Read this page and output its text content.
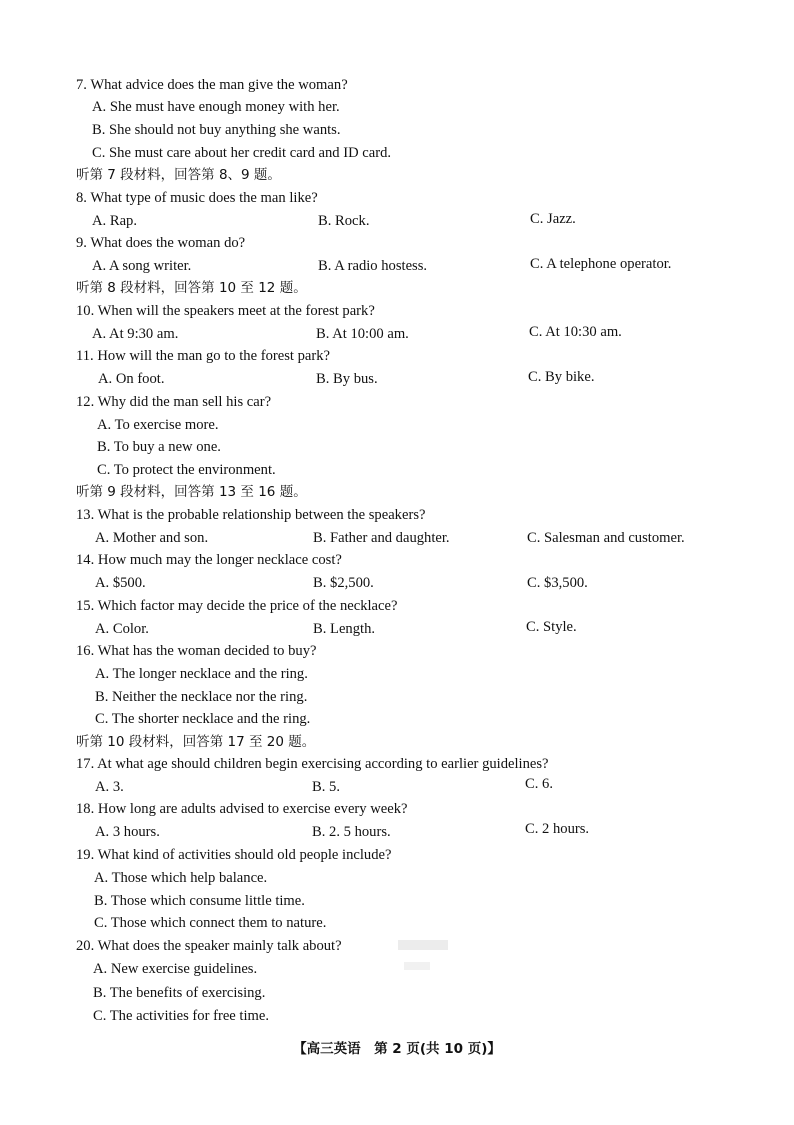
7. What advice does the man give the woman?
A. She must have enough money with her.
B. She should not buy anything she wants.
C. She must care about her credit card and ID card.
听第 7 段材料，回答第 8、9 题。
8. What type of music does the man like?
A. Rap.	B. Rock.	C. Jazz.
9. What does the woman do?
A. A song writer.	B. A radio hostess.	C. A telephone operator.
听第 8 段材料，回答第 10 至 12 题。
10. When will the speakers meet at the forest park?
A. At 9:30 am.	B. At 10:00 am.	C. At 10:30 am.
11. How will the man go to the forest park?
A. On foot.	B. By bus.	C. By bike.
12. Why did the man sell his car?
A. To exercise more.
B. To buy a new one.
C. To protect the environment.
听第 9 段材料，回答第 13 至 16 题。
13. What is the probable relationship between the speakers?
A. Mother and son.	B. Father and daughter.	C. Salesman and customer.
14. How much may the longer necklace cost?
A. $500.	B. $2,500.	C. $3,500.
15. Which factor may decide the price of the necklace?
A. Color.	B. Length.	C. Style.
16. What has the woman decided to buy?
A. The longer necklace and the ring.
B. Neither the necklace nor the ring.
C. The shorter necklace and the ring.
听第 10 段材料，回答第 17 至 20 题。
17. At what age should children begin exercising according to earlier guidelines?
A. 3.	B. 5.	C. 6.
18. How long are adults advised to exercise every week?
A. 3 hours.	B. 2. 5 hours.	C. 2 hours.
19. What kind of activities should old people include?
A. Those which help balance.
B. Those which consume little time.
C. Those which connect them to nature.
20. What does the speaker mainly talk about?
A. New exercise guidelines.
B. The benefits of exercising.
C. The activities for free time.
【高三英语　第 2 页(共 10 页)】
